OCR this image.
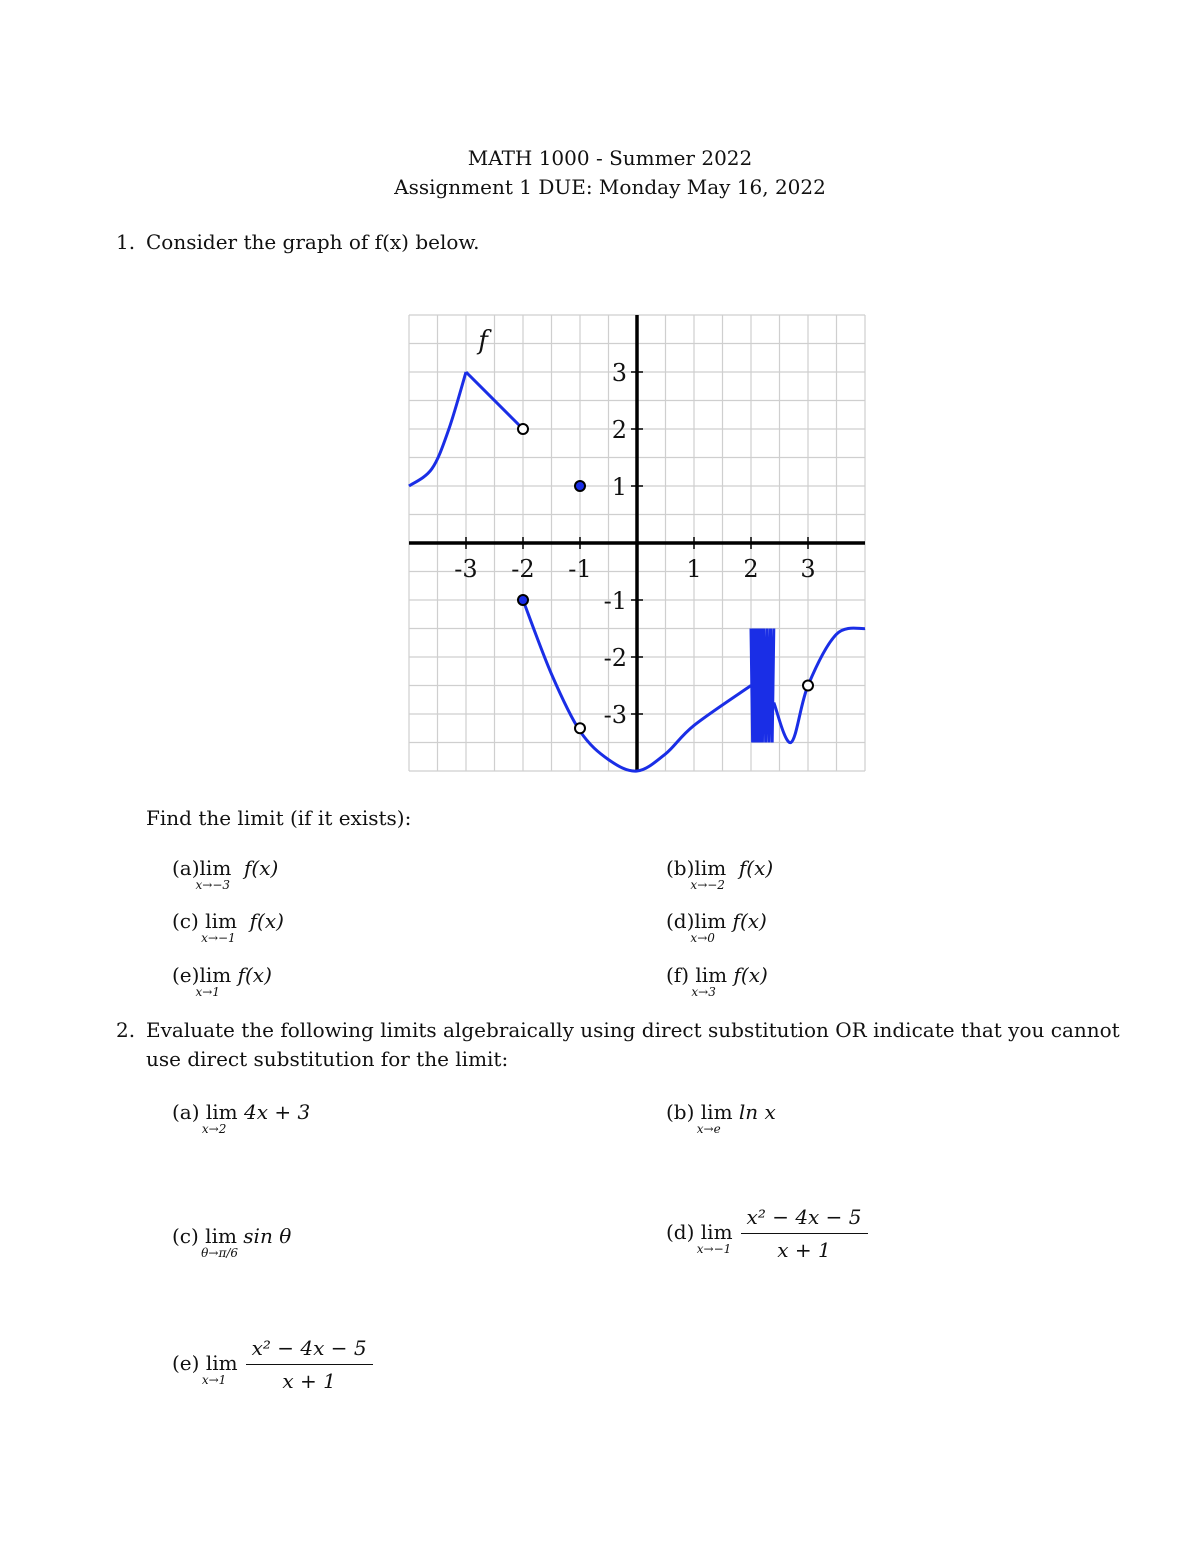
MATH 1000 - Summer 2022
Assignment 1 DUE: Monday May 16, 2022
1. Consider the graph of f(x) below.
-3 -2 -1	1 2 3
3
2
1
-1
-2
-3
f
Find the limit (if it exists):
(a)lim
x→−3
f(x)	(b)lim
x→−2
f(x)
(c) lim
x→−1
f(x)	(d)lim
x→0
f(x)
(e)lim
x→1
f(x)	(f) lim
x→3
f(x)
2. Evaluate the following limits algebraically using direct substitution OR indicate that you cannot
use direct substitution for the limit:
(a) lim
x→2
4x + 3	(b) lim
x→e
ln x
(c) lim
θ→π/6
sin θ	(d) lim
$x\to-1 \frac{\text{x² − 4x − 5}}{x + 1}$
(e) lim
$x\to 1 \frac{\text{x² − 4x − 5}}{x + 1}$
